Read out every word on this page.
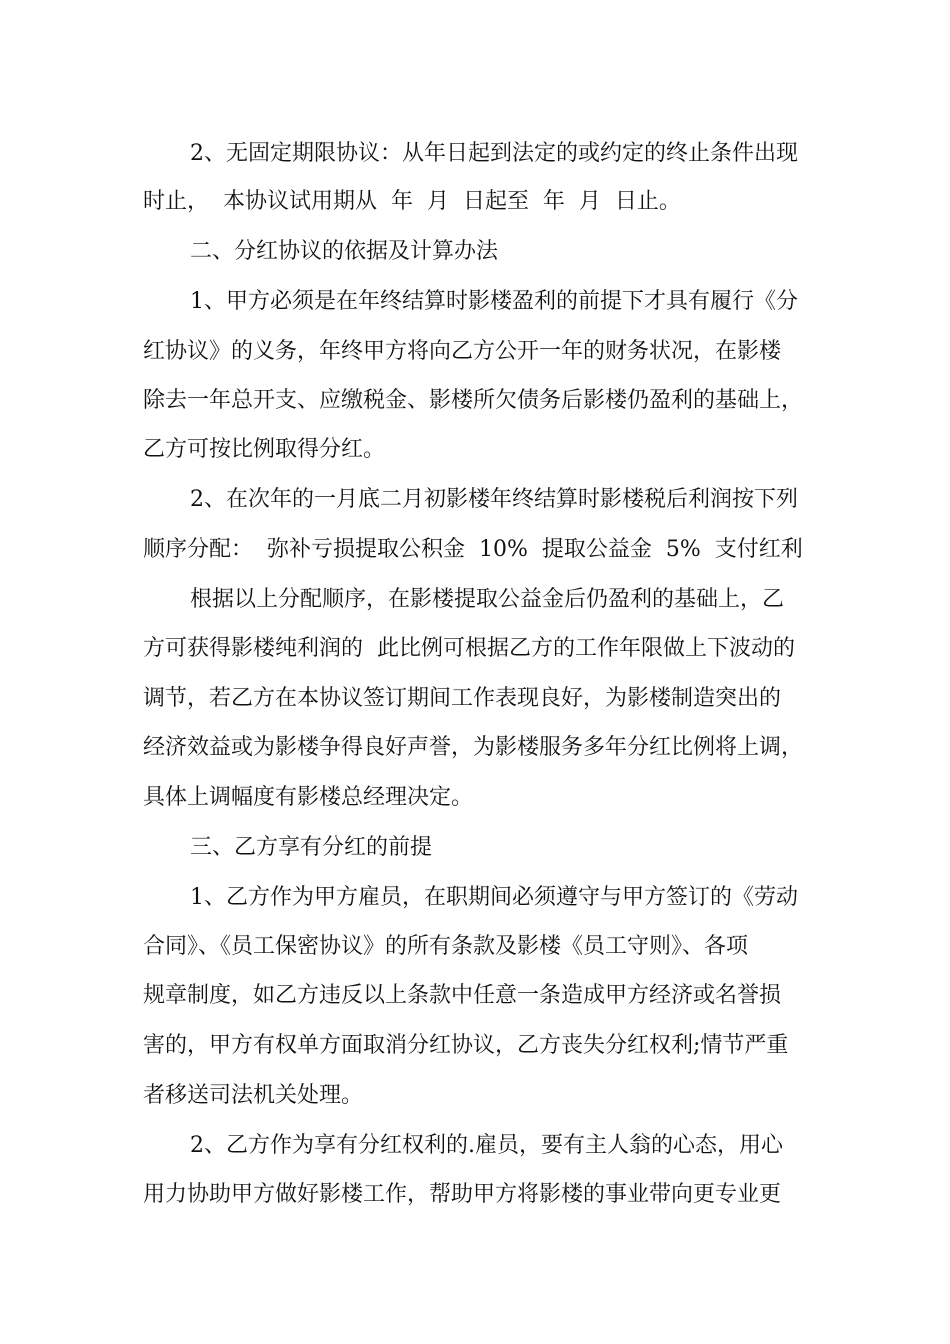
2、无固定期限协议：从年日起到法定的或约定的终止条件出现
时止，  本协议试用期从  年  月  日起至  年  月  日止。
二、分红协议的依据及计算办法
1、甲方必须是在年终结算时影楼盈利的前提下才具有履行《分
红协议》的义务，年终甲方将向乙方公开一年的财务状况，在影楼
除去一年总开支、应缴税金、影楼所欠债务后影楼仍盈利的基础上，
乙方可按比例取得分红。
2、在次年的一月底二月初影楼年终结算时影楼税后利润按下列
顺序分配：  弥补亏损提取公积金  10%  提取公益金  5%  支付红利
根据以上分配顺序，在影楼提取公益金后仍盈利的基础上，乙
方可获得影楼纯利润的  此比例可根据乙方的工作年限做上下波动的
调节，若乙方在本协议签订期间工作表现良好，为影楼制造突出的
经济效益或为影楼争得良好声誉，为影楼服务多年分红比例将上调，
具体上调幅度有影楼总经理决定。
三、乙方享有分红的前提
1、乙方作为甲方雇员，在职期间必须遵守与甲方签订的《劳动
合同》、《员工保密协议》的所有条款及影楼《员工守则》、各项
规章制度，如乙方违反以上条款中任意一条造成甲方经济或名誉损
害的，甲方有权单方面取消分红协议，乙方丧失分红权利;情节严重
者移送司法机关处理。
2、乙方作为享有分红权利的.雇员，要有主人翁的心态，用心
用力协助甲方做好影楼工作，帮助甲方将影楼的事业带向更专业更
